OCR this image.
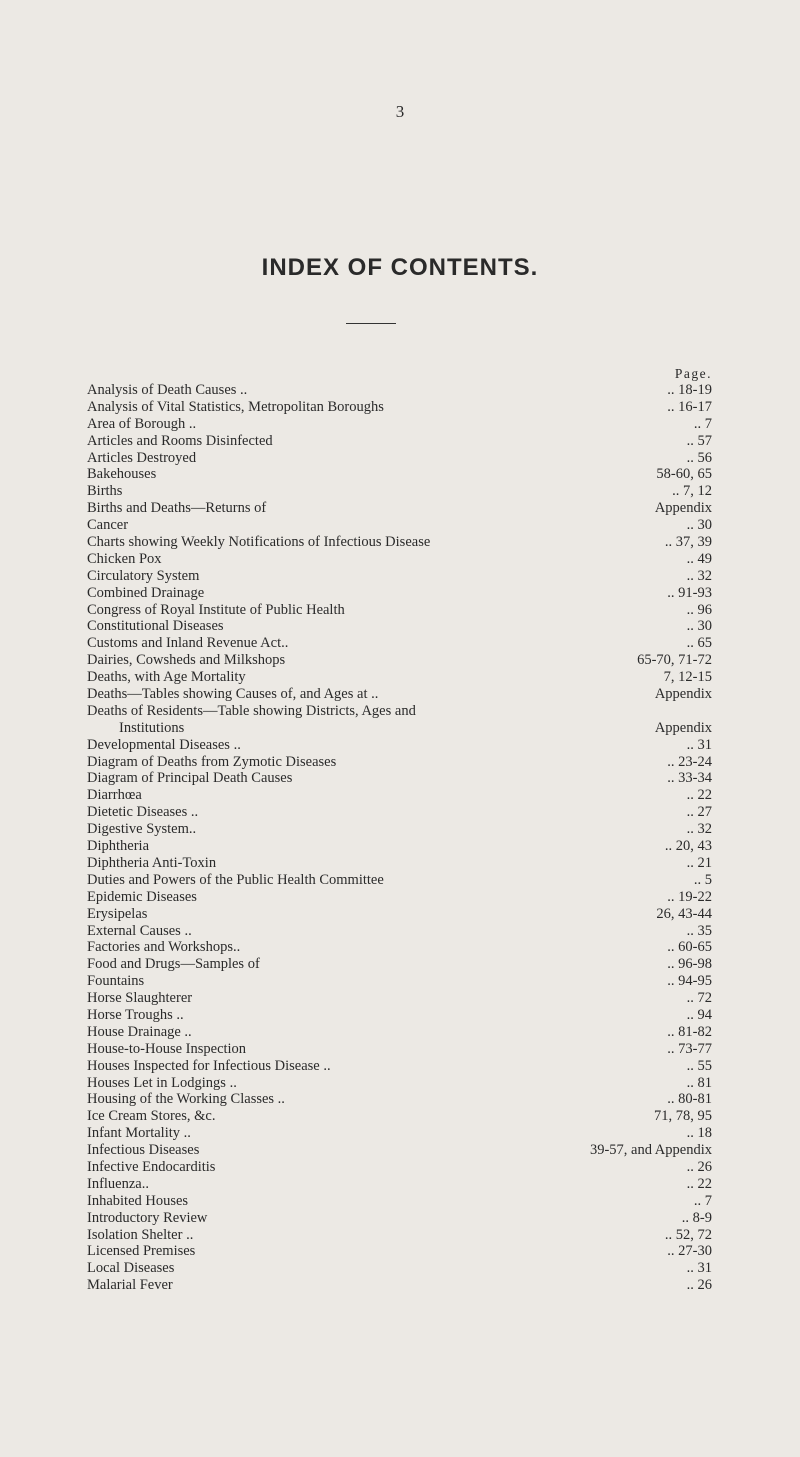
3
INDEX OF CONTENTS.
Page.
Analysis of Death Causes ..	.. 18-19
Analysis of Vital Statistics, Metropolitan Boroughs	.. 16-17
Area of Borough ..	.. 7
Articles and Rooms Disinfected	.. 57
Articles Destroyed	.. 56
Bakehouses	58-60, 65
Births	.. 7, 12
Births and Deaths—Returns of	Appendix
Cancer	.. 30
Charts showing Weekly Notifications of Infectious Disease	.. 37, 39
Chicken Pox	.. 49
Circulatory System	.. 32
Combined Drainage	.. 91-93
Congress of Royal Institute of Public Health	.. 96
Constitutional Diseases	.. 30
Customs and Inland Revenue Act..	.. 65
Dairies, Cowsheds and Milkshops	65-70, 71-72
Deaths, with Age Mortality	7, 12-15
Deaths—Tables showing Causes of, and Ages at ..	Appendix
Deaths of Residents—Table showing Districts, Ages and
Institutions	Appendix
Developmental Diseases ..	.. 31
Diagram of Deaths from Zymotic Diseases	.. 23-24
Diagram of Principal Death Causes	.. 33-34
Diarrhœa	.. 22
Dietetic Diseases ..	.. 27
Digestive System..	.. 32
Diphtheria	.. 20, 43
Diphtheria Anti-Toxin	.. 21
Duties and Powers of the Public Health Committee	.. 5
Epidemic Diseases	.. 19-22
Erysipelas	26, 43-44
External Causes ..	.. 35
Factories and Workshops..	.. 60-65
Food and Drugs—Samples of	.. 96-98
Fountains	.. 94-95
Horse Slaughterer	.. 72
Horse Troughs ..	.. 94
House Drainage ..	.. 81-82
House-to-House Inspection	.. 73-77
Houses Inspected for Infectious Disease ..	.. 55
Houses Let in Lodgings ..	.. 81
Housing of the Working Classes ..	.. 80-81
Ice Cream Stores, &c.	71, 78, 95
Infant Mortality ..	.. 18
Infectious Diseases	39-57, and Appendix
Infective Endocarditis	.. 26
Influenza..	.. 22
Inhabited Houses	.. 7
Introductory Review	.. 8-9
Isolation Shelter ..	.. 52, 72
Licensed Premises	.. 27-30
Local Diseases	.. 31
Malarial Fever	.. 26
